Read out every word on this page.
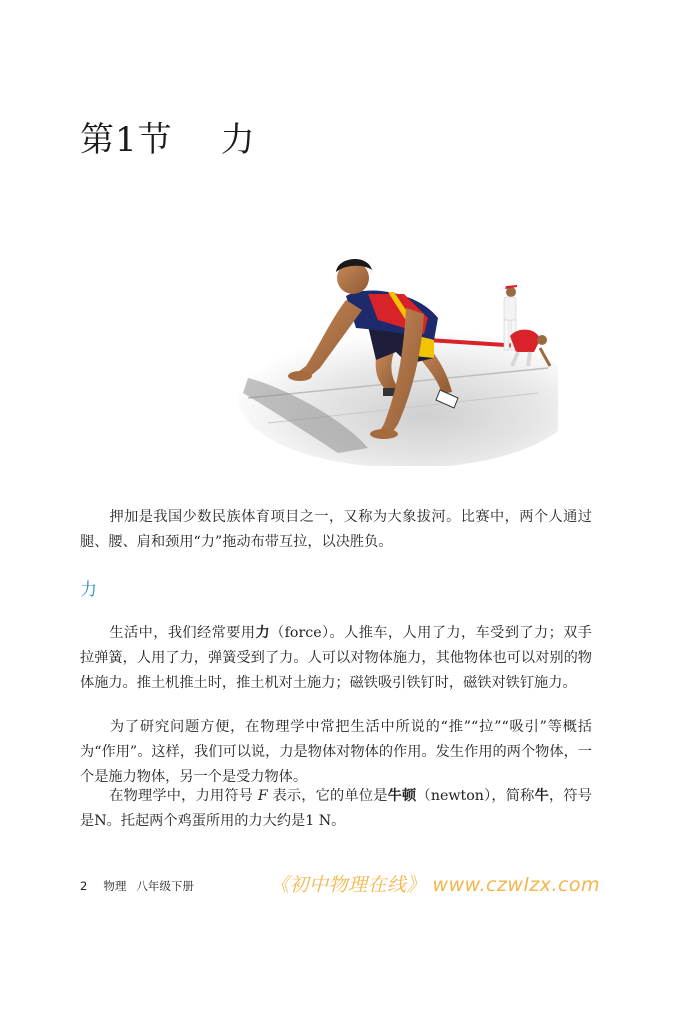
第1节 力
押加是我国少数民族体育项目之一，又称为大象拔河。比赛中，两个人通过腿、腰、肩和颈用“力”拖动布带互拉，以决胜负。
力
生活中，我们经常要用力（force）。人推车，人用了力，车受到了力；双手拉弹簧，人用了力，弹簧受到了力。人可以对物体施力，其他物体也可以对别的物体施力。推土机推土时，推土机对土施力；磁铁吸引铁钉时，磁铁对铁钉施力。
为了研究问题方便，在物理学中常把生活中所说的“推”“拉”“吸引”等概括为“作用”。这样，我们可以说，力是物体对物体的作用。发生作用的两个物体，一个是施力物体，另一个是受力物体。
在物理学中，力用符号 F 表示，它的单位是牛顿（newton），简称牛，符号是N。托起两个鸡蛋所用的力大约是1 N。
2 物理 八年级下册	《初中物理在线》 www.czwlzx.com
